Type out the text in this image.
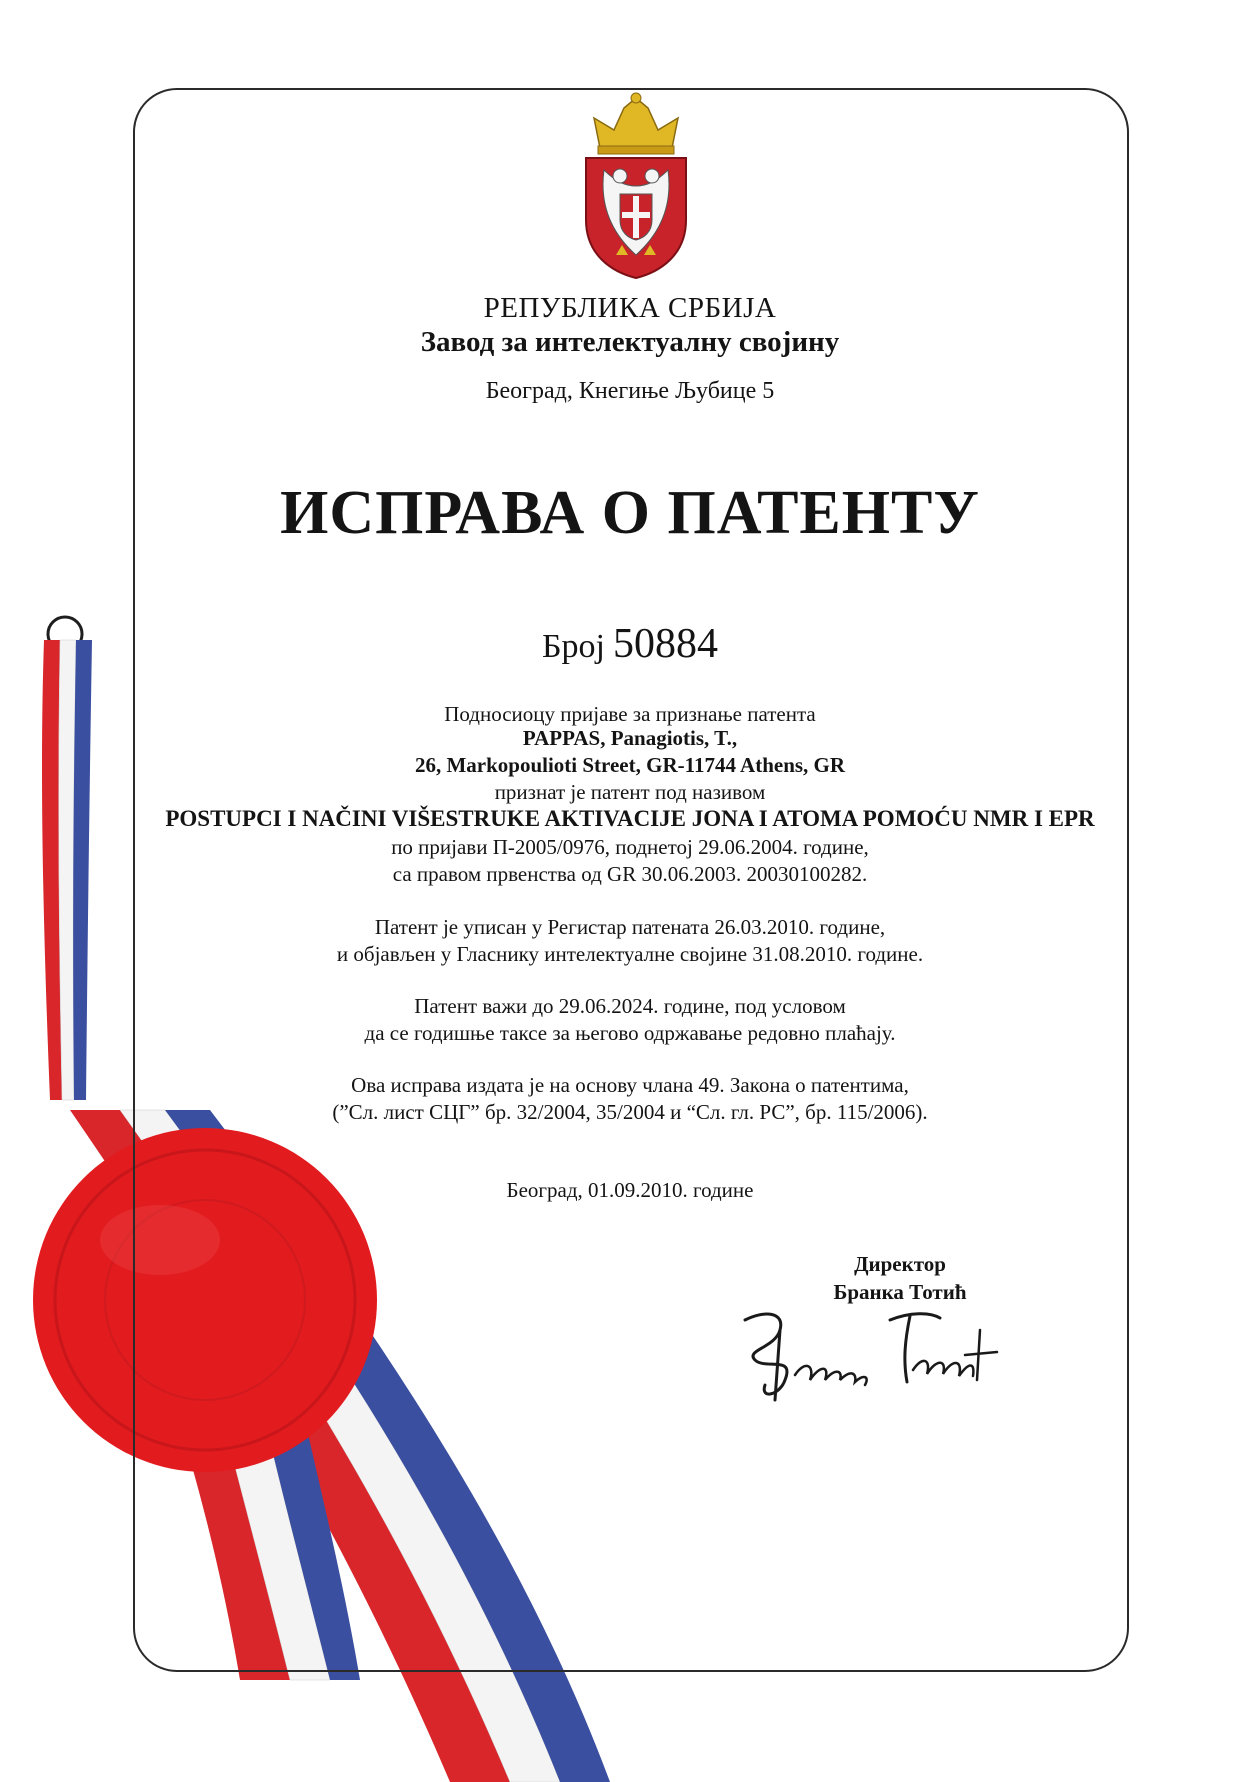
РЕПУБЛИКА СРБИЈА
Завод за интелектуалну својину
Београд, Кнегиње Љубице 5
ИСПРАВА О ПАТЕНТУ
Број 50884
Подносиоцу пријаве за признање патента
PAPPAS, Panagiotis, T.,
26, Markopoulioti Street, GR-11744 Athens, GR
признат је патент под називом
POSTUPCI I NAČINI VIŠESTRUKE AKTIVACIJE JONA I ATOMA POMOĆU NMR I EPR
по пријави П-2005/0976, поднетој 29.06.2004. године,
са правом првенства од GR 30.06.2003. 20030100282.
Патент је уписан у Регистар патената 26.03.2010. године,
и објављен у Гласнику интелектуалне својине 31.08.2010. године.
Патент важи до 29.06.2024. године, под условом
да се годишње таксе за његово одржавање редовно плаћају.
Ова исправа издата је на основу члана 49. Закона о патентима,
(”Сл. лист СЦГ” бр. 32/2004, 35/2004 и “Сл. гл. РС”, бр. 115/2006).
Београд, 01.09.2010. године
Директор
Бранка Тотић
